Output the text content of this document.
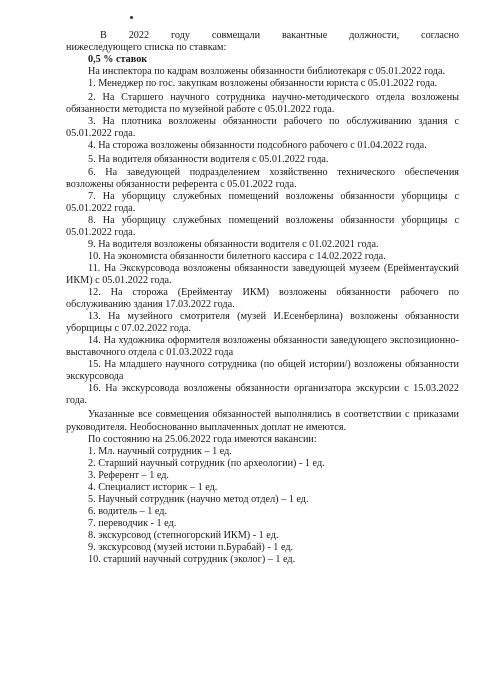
В 2022 году совмещали вакантные должности, согласно

нижеследующего списка по ставкам:

0,5 % ставок

На инспектора по кадрам возложены обязанности библиотекаря с 05.01.2022 года.

1. Менеджер по гос. закупкам возложены обязанности юриста с 05.01.2022 года.

2. На Старшего научного сотрудника научно-методического отдела возложены обязанности методиста по музейной работе с 05.01.2022 года.

3. На плотника возложены обязанности рабочего по обслуживанию здания с 05.01.2022 года.

4. На сторожа возложены обязанности подсобного рабочего с 01.04.2022 года.

5. На водителя обязанности водителя с 05.01.2022 года.

6. На заведующей подразделением хозяйственно технического обеспечения возложены обязанности референта с 05.01.2022 года.

7. На уборщицу служебных помещений возложены обязанности уборщицы с 05.01.2022 года.

8. На уборщицу служебных помещений возложены обязанности уборщицы с 05.01.2022 года.

9. На водителя возложены обязанности водителя с 01.02.2021 года.

10. На экономиста обязанности билетного кассира с 14.02.2022 года.

11. На Экскурсовода возложены обязанности заведующей музеем (Ерейментауский ИКМ) с 05.01.2022 года.

12. На сторожа (Ерейментау ИКМ) возложены обязанности рабочего по обслуживанию здания 17.03.2022 года.

13. На музейного смотрителя (музей И.Есенберлина) возложены обязанности уборщицы с 07.02.2022 года.

14. На художника оформителя возложены обязанности заведующего экспозиционно-выставочного отдела с 01.03.2022 года

15. На младшего научного сотрудника (по общей истории/) возложены обязанности экскурсовода

16. На экскурсовода возложены обязанности организатора экскурсии с 15.03.2022 года.

Указанные все совмещения обязанностей выполнялись в соответствии с приказами руководителя. Необоснованно выплаченных доплат не имеются.

По состоянию на 25.06.2022 года имеются вакансии:

1. Мл. научный сотрудник – 1 ед.

2. Старший научный сотрудник (по археологии) - 1 ед.

3. Референт – 1 ед.

4. Специалист историк – 1 ед.

5. Научный сотрудник (научно метод отдел) – 1 ед.

6. водитель – 1 ед.

7. переводчик - 1 ед.

8. экскурсовод (степногорский ИКМ) - 1 ед.

9. экскурсовод (музей истоии п.Бурабай) - 1 ед.

10. старший научный сотрудник (эколог) – 1 ед.
